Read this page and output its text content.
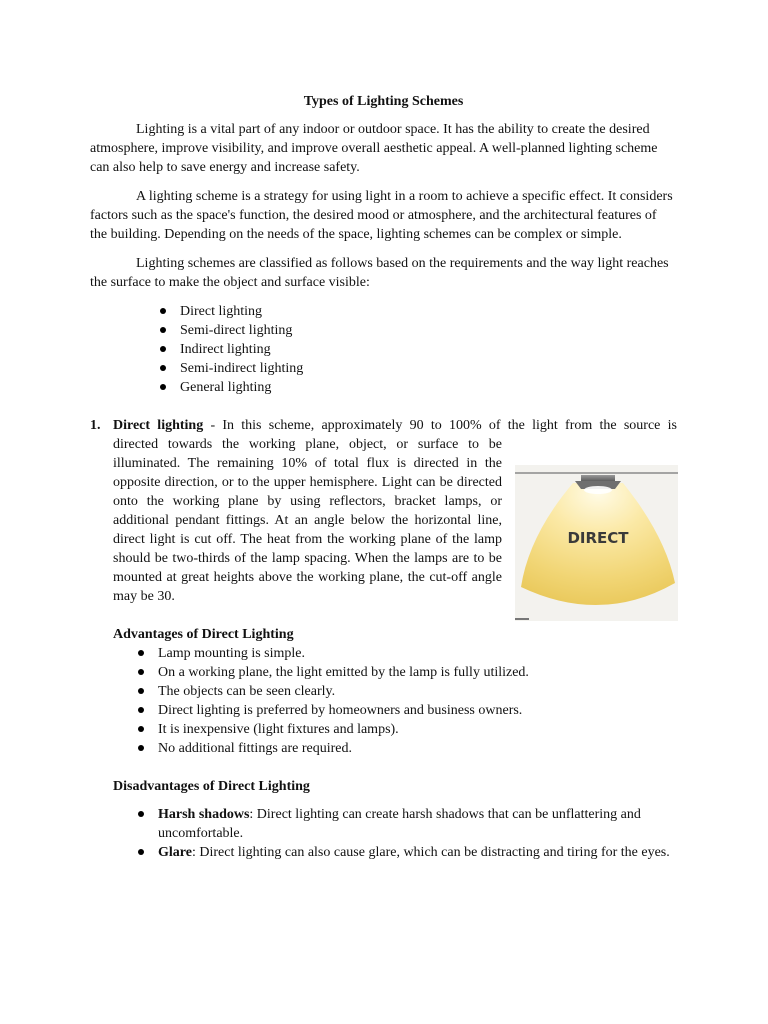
Types of Lighting Schemes

Lighting is a vital part of any indoor or outdoor space. It has the ability to create the desired atmosphere, improve visibility, and improve overall aesthetic appeal. A well-planned lighting scheme can also help to save energy and increase safety.

A lighting scheme is a strategy for using light in a room to achieve a specific effect. It considers factors such as the space's function, the desired mood or atmosphere, and the architectural features of the building. Depending on the needs of the space, lighting schemes can be complex or simple.

Lighting schemes are classified as follows based on the requirements and the way light reaches the surface to make the object and surface visible:

Direct lighting
Semi-direct lighting
Indirect lighting
Semi-indirect lighting
General lighting
1. Direct lighting - In this scheme, approximately 90 to 100% of the light from the source is
directed towards the working plane, object, or surface to be illuminated. The remaining 10% of total flux is directed in the opposite direction, or to the upper hemisphere. Light can be directed onto the working plane by using reflectors, bracket lamps, or additional pendant fittings. At an angle below the horizontal line, direct light is cut off. The heat from the working plane of the lamp should be two-thirds of the lamp spacing. When the lamps are to be mounted at great heights above the working plane, the cut-off angle may be 30.
Advantages of Direct Lighting
Lamp mounting is simple.
On a working plane, the light emitted by the lamp is fully utilized.
The objects can be seen clearly.
Direct lighting is preferred by homeowners and business owners.
It is inexpensive (light fixtures and lamps).
No additional fittings are required.
Disadvantages of Direct Lighting
Harsh shadows: Direct lighting can create harsh shadows that can be unflattering and uncomfortable.
Glare: Direct lighting can also cause glare, which can be distracting and tiring for the eyes.
DIRECT
